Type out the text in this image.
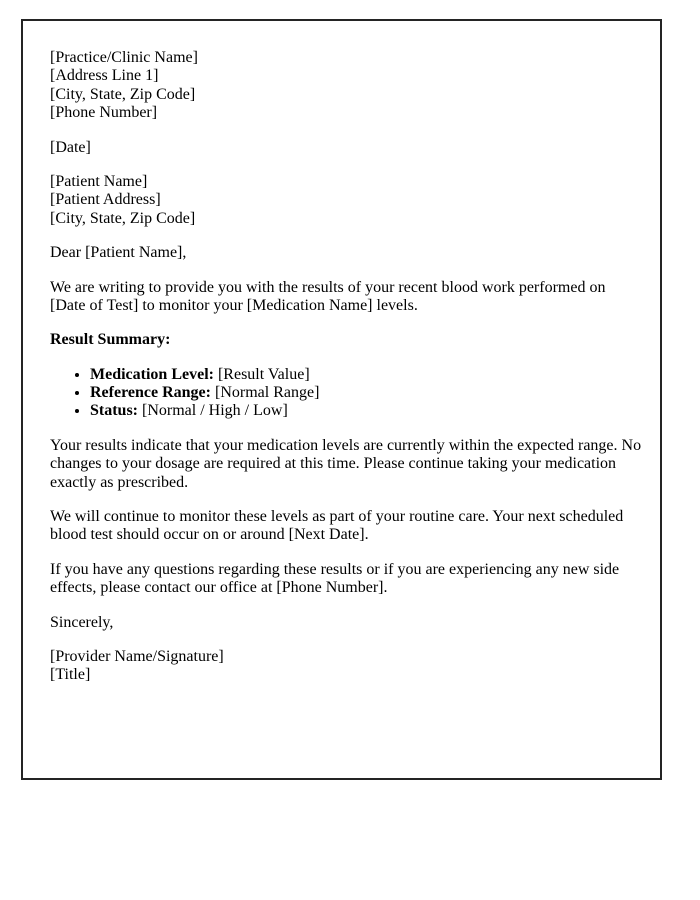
[Practice/Clinic Name]
[Address Line 1]
[City, State, Zip Code]
[Phone Number]

[Date]

[Patient Name]
[Patient Address]
[City, State, Zip Code]

Dear [Patient Name],

We are writing to provide you with the results of your recent blood work performed on [Date of Test] to monitor your [Medication Name] levels.

Result Summary:

• Medication Level: [Result Value]
• Reference Range: [Normal Range]
• Status: [Normal / High / Low]

Your results indicate that your medication levels are currently within the expected range. No changes to your dosage are required at this time. Please continue taking your medication exactly as prescribed.

We will continue to monitor these levels as part of your routine care. Your next scheduled blood test should occur on or around [Next Date].

If you have any questions regarding these results or if you are experiencing any new side effects, please contact our office at [Phone Number].

Sincerely,

[Provider Name/Signature]
[Title]
